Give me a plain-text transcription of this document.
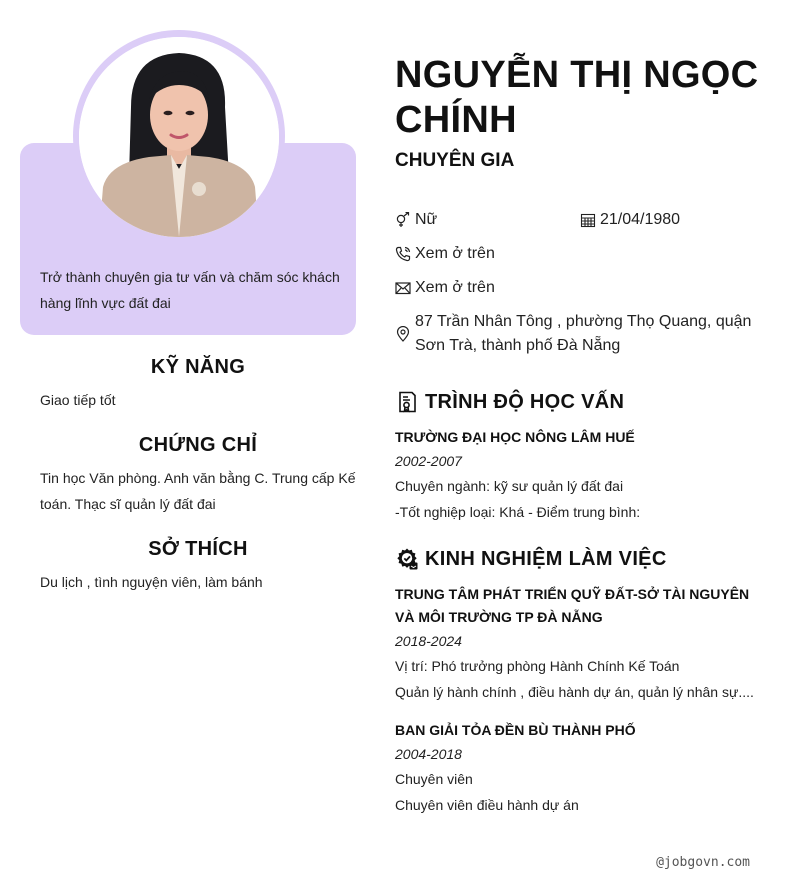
Trở thành chuyên gia tư vấn và chăm sóc khách hàng lĩnh vực đất đai
KỸ NĂNG
Giao tiếp tốt
CHỨNG CHỈ
Tin học Văn phòng. Anh văn bằng C. Trung cấp Kế toán. Thạc sĩ quản lý đất đai
SỞ THÍCH
Du lịch , tình nguyện viên, làm bánh
NGUYỄN THỊ NGỌC CHÍNH
CHUYÊN GIA
Nữ	21/04/1980
Xem ở trên
Xem ở trên
87 Trần Nhân Tông , phường Thọ Quang, quận Sơn Trà, thành phố Đà Nẵng
TRÌNH ĐỘ HỌC VẤN
TRƯỜNG ĐẠI HỌC NÔNG LÂM HUẾ
2002-2007
Chuyên ngành: kỹ sư quản lý đất đai
-Tốt nghiệp loại: Khá - Điểm trung bình:
KINH NGHIỆM LÀM VIỆC
TRUNG TÂM PHÁT TRIỂN QUỸ ĐẤT-SỞ TÀI NGUYÊN VÀ MÔI TRƯỜNG TP ĐÀ NẴNG
2018-2024
Vị trí: Phó trưởng phòng Hành Chính Kế Toán
Quản lý hành chính , điều hành dự án, quản lý nhân sự....
BAN GIẢI TỎA ĐỀN BÙ THÀNH PHỐ
2004-2018
Chuyên viên
Chuyên viên điều hành dự án
@jobgovn.com
